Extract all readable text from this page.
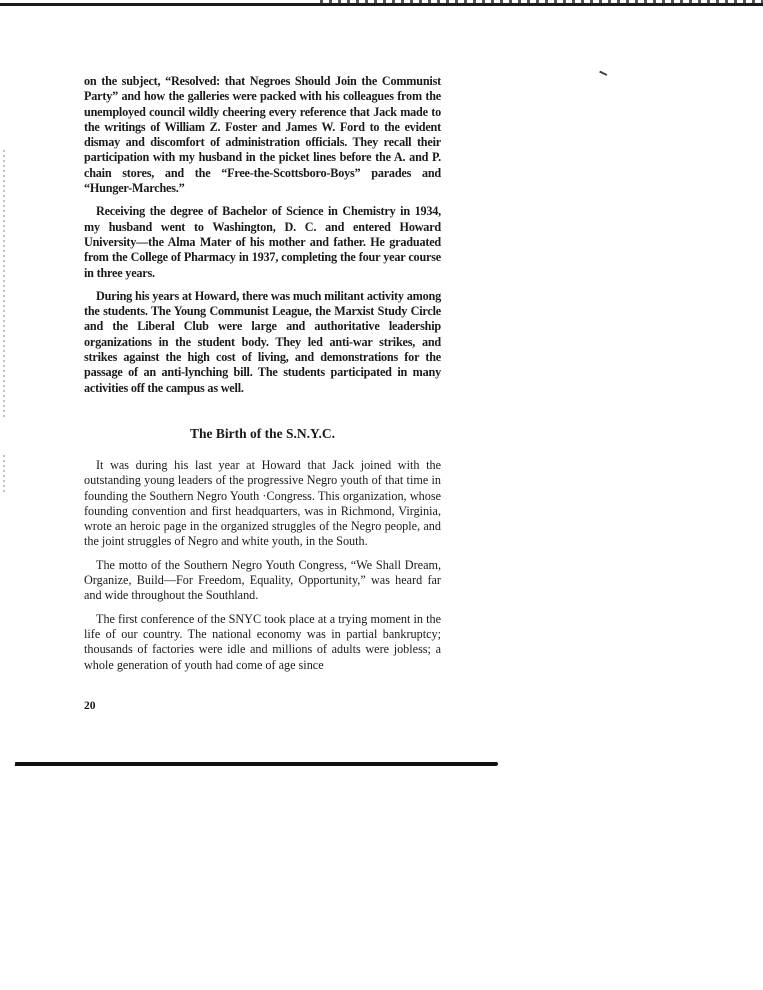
on the subject, “Resolved: that Negroes Should Join the Communist Party” and how the galleries were packed with his colleagues from the unemployed council wildly cheering every reference that Jack made to the writings of William Z. Foster and James W. Ford to the evident dismay and discomfort of administration officials. They recall their participation with my husband in the picket lines before the A. and P. chain stores, and the “Free-the-Scottsboro-Boys” parades and “Hunger-Marches.”

Receiving the degree of Bachelor of Science in Chemistry in 1934, my husband went to Washington, D. C. and entered Howard University—the Alma Mater of his mother and father. He graduated from the College of Pharmacy in 1937, completing the four year course in three years.

During his years at Howard, there was much militant activity among the students. The Young Communist League, the Marxist Study Circle and the Liberal Club were large and authoritative leadership organizations in the student body. They led anti-war strikes, and strikes against the high cost of living, and demonstrations for the passage of an anti-lynching bill. The students participated in many activities off the campus as well.

The Birth of the S.N.Y.C.

It was during his last year at Howard that Jack joined with the outstanding young leaders of the progressive Negro youth of that time in founding the Southern Negro Youth ·Congress. This organization, whose founding convention and first headquarters, was in Richmond, Virginia, wrote an heroic page in the organized struggles of the Negro people, and the joint struggles of Negro and white youth, in the South.

The motto of the Southern Negro Youth Congress, “We Shall Dream, Organize, Build—For Freedom, Equality, Opportunity,” was heard far and wide throughout the Southland.

The first conference of the SNYC took place at a trying moment in the life of our country. The national economy was in partial bankruptcy; thousands of factories were idle and millions of adults were jobless; a whole generation of youth had come of age since

20
